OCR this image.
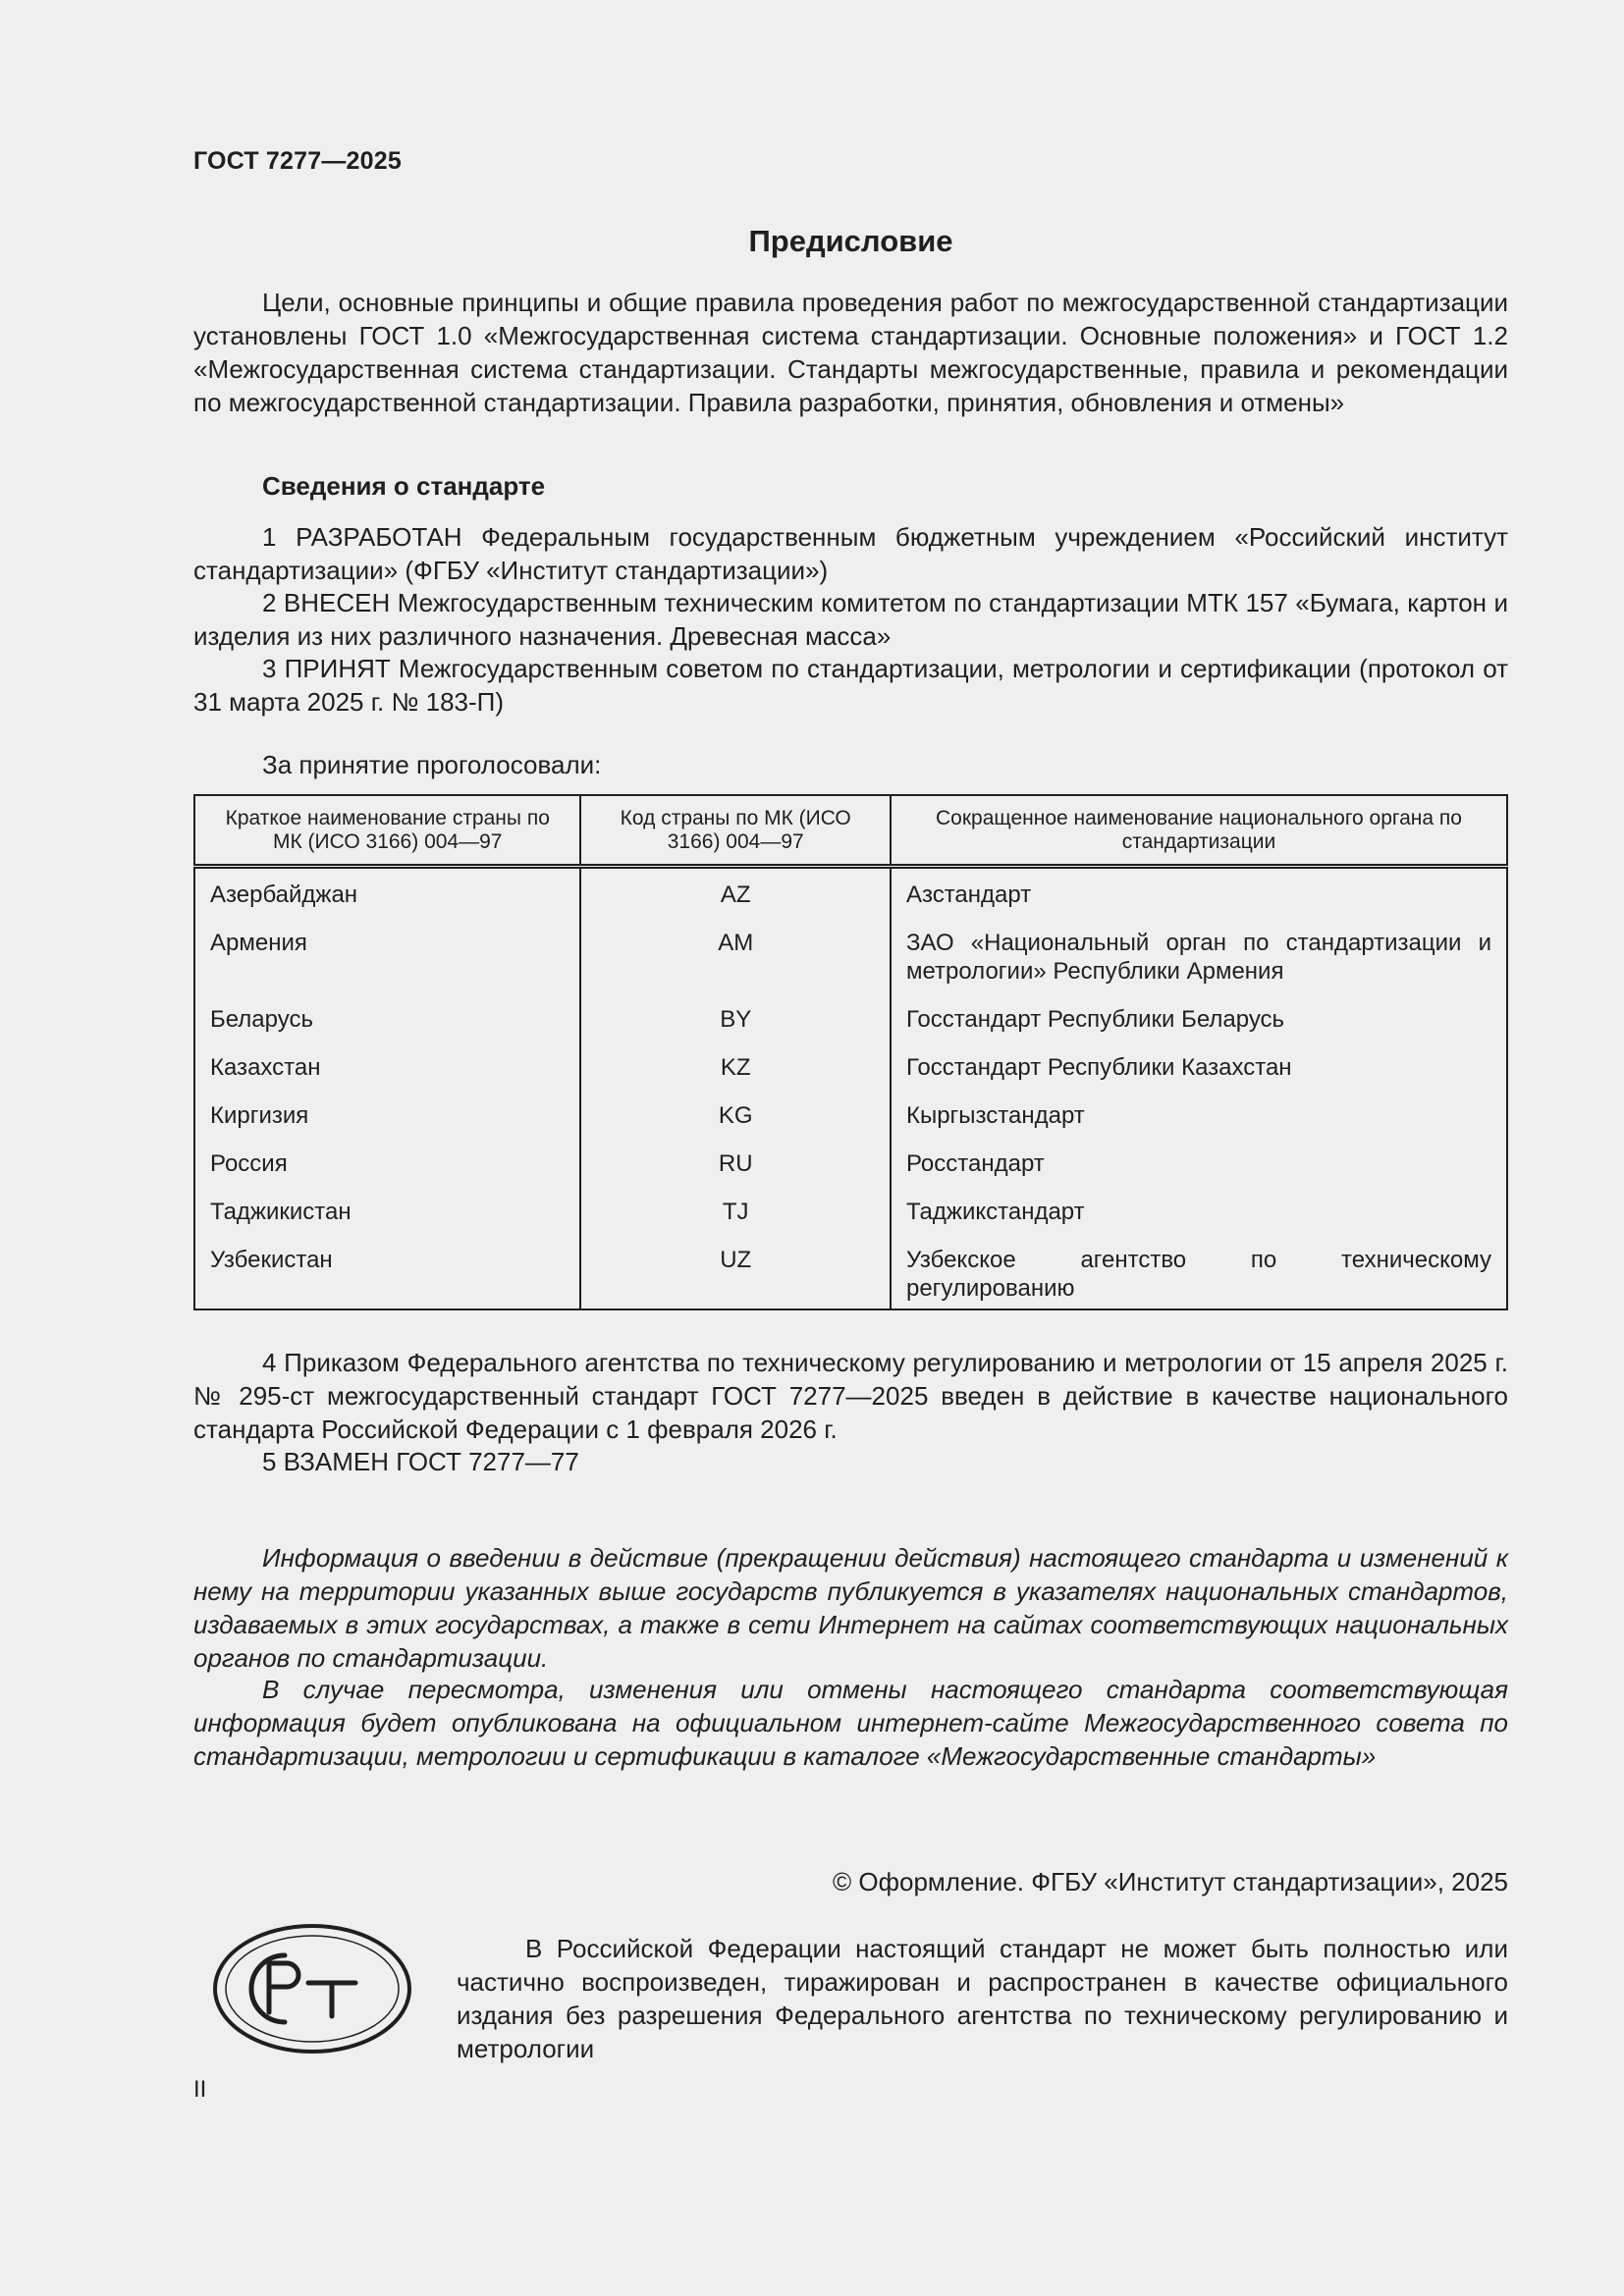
ГОСТ 7277—2025
Предисловие
Цели, основные принципы и общие правила проведения работ по межгосударственной стандартизации установлены ГОСТ 1.0 «Межгосударственная система стандартизации. Основные положения» и ГОСТ 1.2 «Межгосударственная система стандартизации. Стандарты межгосударственные, правила и рекомендации по межгосударственной стандартизации. Правила разработки, принятия, обновления и отмены»
Сведения о стандарте
1 РАЗРАБОТАН Федеральным государственным бюджетным учреждением «Российский институт стандартизации» (ФГБУ «Институт стандартизации»)
2 ВНЕСЕН Межгосударственным техническим комитетом по стандартизации МТК 157 «Бумага, картон и изделия из них различного назначения. Древесная масса»
3 ПРИНЯТ Межгосударственным советом по стандартизации, метрологии и сертификации (протокол от 31 марта 2025 г. № 183-П)
За принятие проголосовали:
Краткое наименование страны по МК (ИСО 3166) 004—97	Код страны по МК (ИСО 3166) 004—97	Сокращенное наименование национального органа по стандартизации
Азербайджан	AZ	Азстандарт
Армения	AM	ЗАО «Национальный орган по стандартизации и метрологии» Республики Армения
Беларусь	BY	Госстандарт Республики Беларусь
Казахстан	KZ	Госстандарт Республики Казахстан
Киргизия	KG	Кыргызстандарт
Россия	RU	Росстандарт
Таджикистан	TJ	Таджикстандарт
Узбекистан	UZ	Узбекское агентство по техническому регулированию
4 Приказом Федерального агентства по техническому регулированию и метрологии от 15 апреля 2025 г. № 295-ст межгосударственный стандарт ГОСТ 7277—2025 введен в действие в качестве национального стандарта Российской Федерации с 1 февраля 2026 г.
5 ВЗАМЕН ГОСТ 7277—77
Информация о введении в действие (прекращении действия) настоящего стандарта и изменений к нему на территории указанных выше государств публикуется в указателях национальных стандартов, издаваемых в этих государствах, а также в сети Интернет на сайтах соответствующих национальных органов по стандартизации.
В случае пересмотра, изменения или отмены настоящего стандарта соответствующая информация будет опубликована на официальном интернет-сайте Межгосударственного совета по стандартизации, метрологии и сертификации в каталоге «Межгосударственные стандарты»
© Оформление. ФГБУ «Институт стандартизации», 2025
В Российской Федерации настоящий стандарт не может быть полностью или частично воспроизведен, тиражирован и распространен в качестве официального издания без разрешения Федерального агентства по техническому регулированию и метрологии
II
